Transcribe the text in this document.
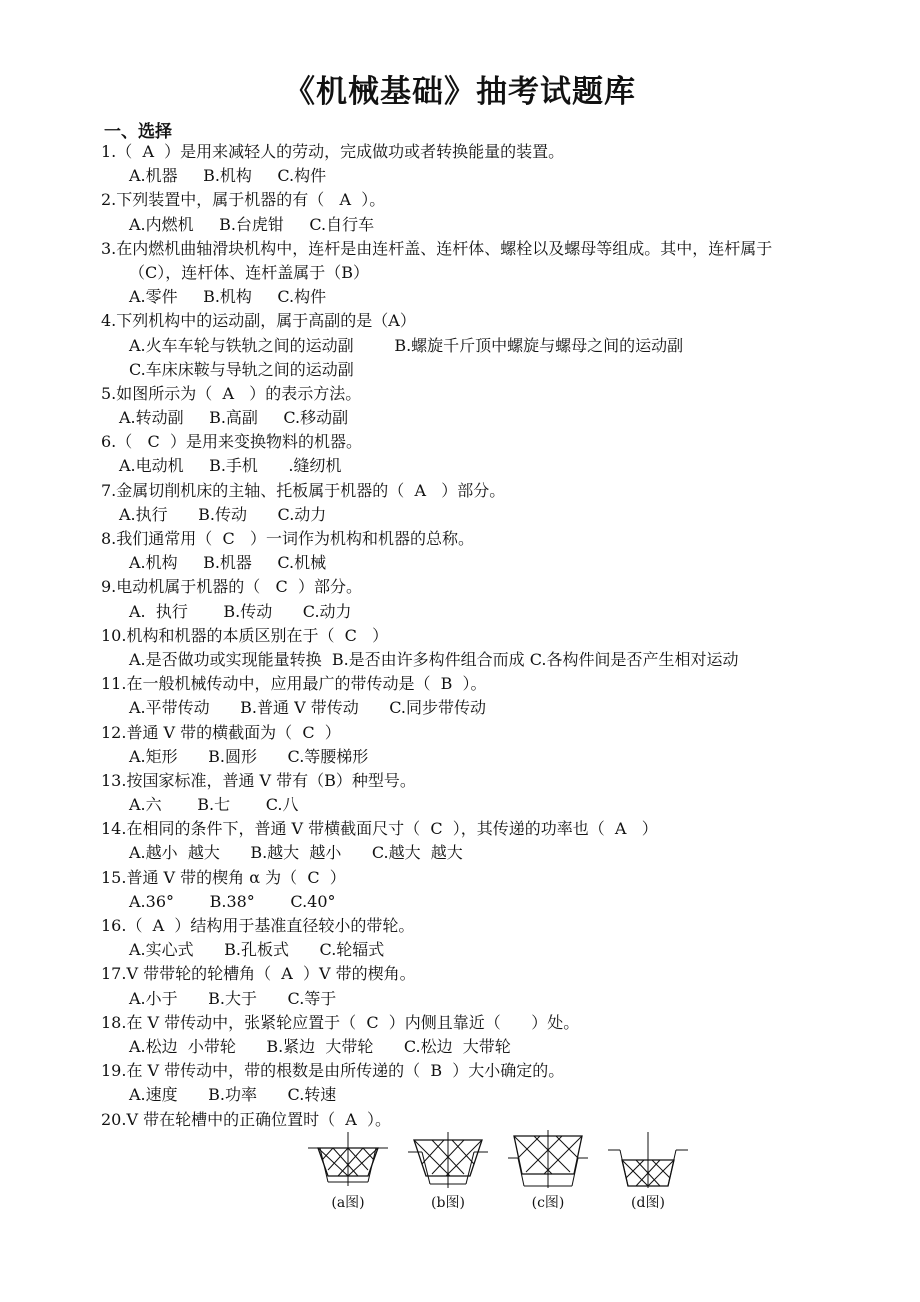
《机械基础》抽考试题库
一、选择
1.（  A  ）是用来减轻人的劳动，完成做功或者转换能量的装置。
A.机器     B.机构     C.构件
2.下列装置中，属于机器的有（   A  ）。
A.内燃机     B.台虎钳     C.自行车
3.在内燃机曲轴滑块机构中，连杆是由连杆盖、连杆体、螺栓以及螺母等组成。其中，连杆属于
（C），连杆体、连杆盖属于（B）
A.零件     B.机构     C.构件
4.下列机构中的运动副，属于高副的是（A）
A.火车车轮与铁轨之间的运动副        B.螺旋千斤顶中螺旋与螺母之间的运动副
C.车床床鞍与导轨之间的运动副
5.如图所示为（  A   ）的表示方法。
A.转动副     B.高副     C.移动副
6.（   C  ）是用来变换物料的机器。
A.电动机     B.手机      .缝纫机
7.金属切削机床的主轴、托板属于机器的（  A   ）部分。
A.执行      B.传动      C.动力
8.我们通常用（  C   ）一词作为机构和机器的总称。
A.机构     B.机器     C.机械
9.电动机属于机器的（   C  ）部分。
A.  执行       B.传动      C.动力
10.机构和机器的本质区别在于（  C   ）
A.是否做功或实现能量转换  B.是否由许多构件组合而成 C.各构件间是否产生相对运动
11.在一般机械传动中，应用最广的带传动是（  B  ）。
A.平带传动      B.普通 V 带传动      C.同步带传动
12.普通 V 带的横截面为（  C  ）
A.矩形      B.圆形      C.等腰梯形
13.按国家标准，普通 V 带有（B）种型号。
A.六       B.七       C.八
14.在相同的条件下，普通 V 带横截面尺寸（  C  ），其传递的功率也（  A   ）
A.越小  越大      B.越大  越小      C.越大  越大
15.普通 V 带的楔角 α 为（  C  ）
A.36°       B.38°       C.40°
16.（  A  ）结构用于基准直径较小的带轮。
A.实心式      B.孔板式      C.轮辐式
17.V 带带轮的轮槽角（  A  ）V 带的楔角。
A.小于      B.大于      C.等于
18.在 V 带传动中，张紧轮应置于（  C  ）内侧且靠近（      ）处。
A.松边  小带轮      B.紧边  大带轮      C.松边  大带轮
19.在 V 带传动中，带的根数是由所传递的（  B  ）大小确定的。
A.速度      B.功率      C.转速
20.V 带在轮槽中的正确位置时（  A  ）。
(a图)	(b图)	(c图)	(d图)
